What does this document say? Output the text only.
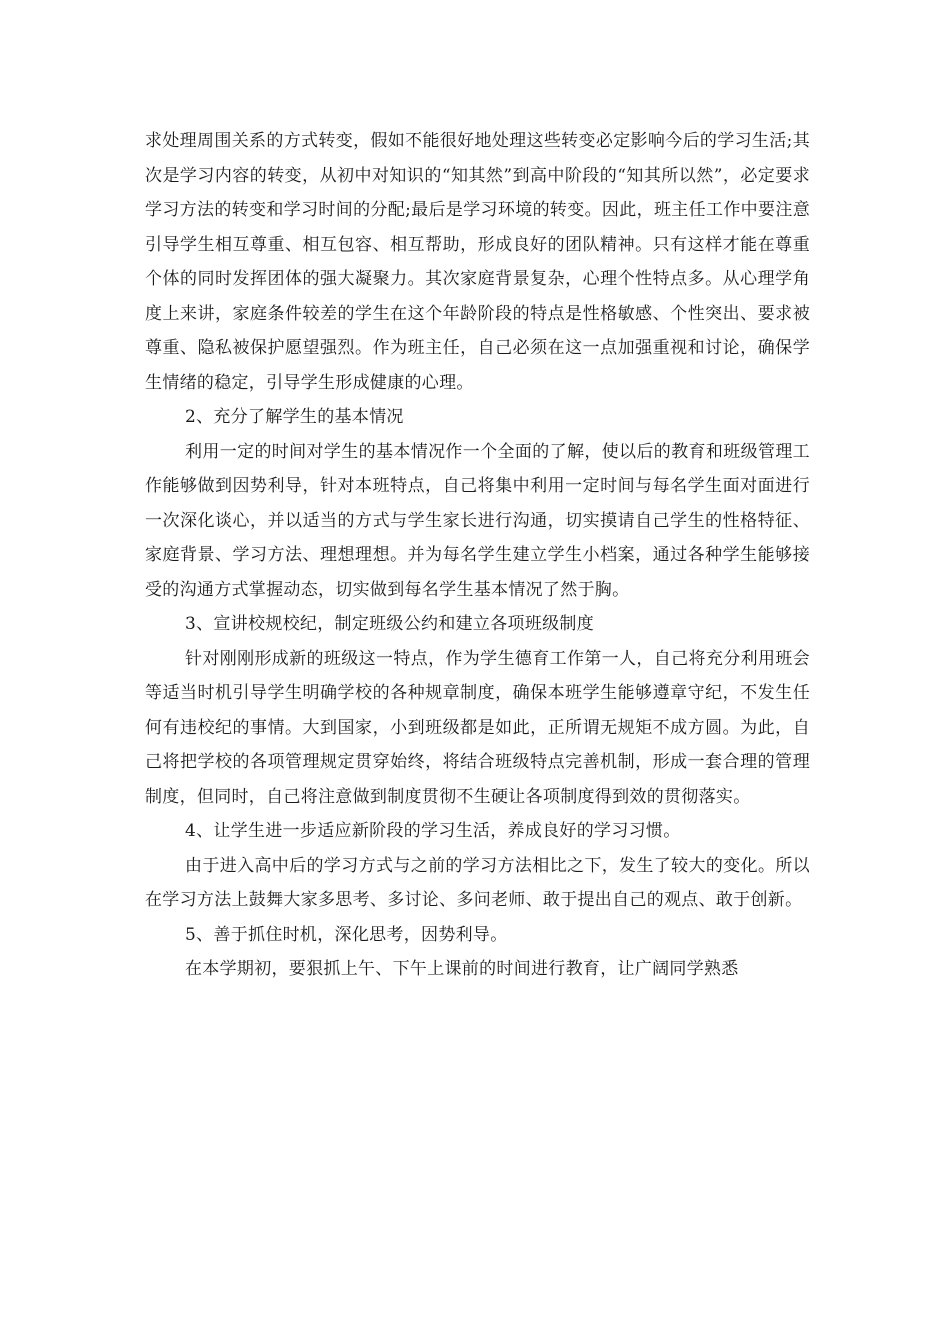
求处理周围关系的方式转变，假如不能很好地处理这些转变必定影响今后的学习生活;其次是学习内容的转变，从初中对知识的“知其然”到高中阶段的“知其所以然”，必定要求学习方法的转变和学习时间的分配;最后是学习环境的转变。因此，班主任工作中要注意引导学生相互尊重、相互包容、相互帮助，形成良好的团队精神。只有这样才能在尊重个体的同时发挥团体的强大凝聚力。其次家庭背景复杂，心理个性特点多。从心理学角度上来讲，家庭条件较差的学生在这个年龄阶段的特点是性格敏感、个性突出、要求被尊重、隐私被保护愿望强烈。作为班主任，自己必须在这一点加强重视和讨论，确保学生情绪的稳定，引导学生形成健康的心理。

2、充分了解学生的基本情况

利用一定的时间对学生的基本情况作一个全面的了解，使以后的教育和班级管理工作能够做到因势利导，针对本班特点，自己将集中利用一定时间与每名学生面对面进行一次深化谈心，并以适当的方式与学生家长进行沟通，切实摸请自己学生的性格特征、家庭背景、学习方法、理想理想。并为每名学生建立学生小档案，通过各种学生能够接受的沟通方式掌握动态，切实做到每名学生基本情况了然于胸。

3、宣讲校规校纪，制定班级公约和建立各项班级制度

针对刚刚形成新的班级这一特点，作为学生德育工作第一人，自己将充分利用班会等适当时机引导学生明确学校的各种规章制度，确保本班学生能够遵章守纪，不发生任何有违校纪的事情。大到国家，小到班级都是如此，正所谓无规矩不成方圆。为此，自己将把学校的各项管理规定贯穿始终，将结合班级特点完善机制，形成一套合理的管理制度，但同时，自己将注意做到制度贯彻不生硬让各项制度得到效的贯彻落实。

4、让学生进一步适应新阶段的学习生活，养成良好的学习习惯。

由于进入高中后的学习方式与之前的学习方法相比之下，发生了较大的变化。所以在学习方法上鼓舞大家多思考、多讨论、多问老师、敢于提出自己的观点、敢于创新。

5、善于抓住时机，深化思考，因势利导。

在本学期初，要狠抓上午、下午上课前的时间进行教育，让广阔同学熟悉
